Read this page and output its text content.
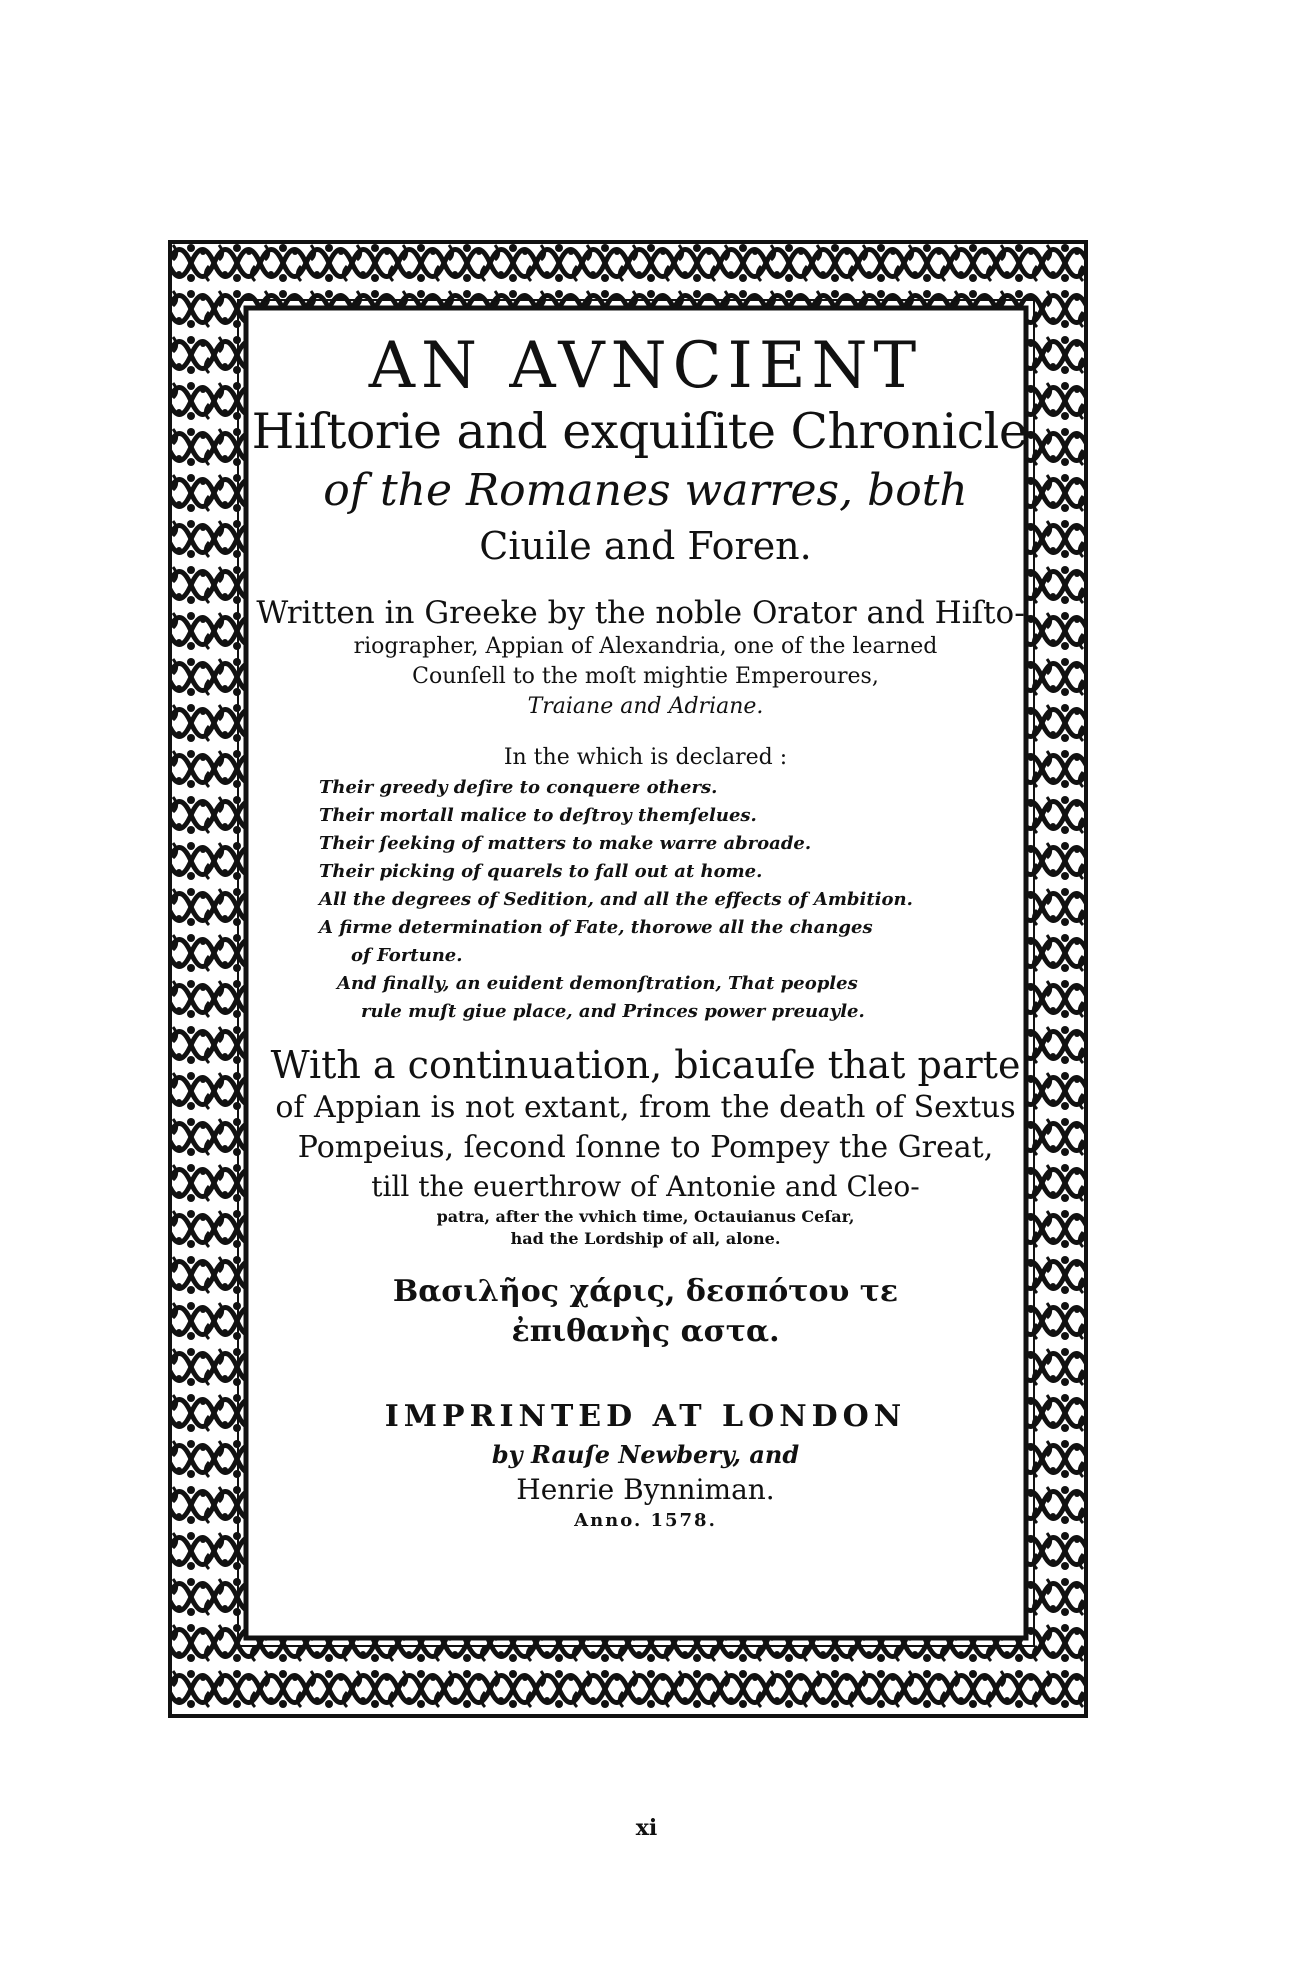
AN AVNCIENT
Hiſtorie and exquiſite Chronicle
of the Romanes warres, both
Ciuile and Foren.
Written in Greeke by the noble Orator and Hiſto-
riographer, Appian of Alexandria, one of the learned
Counſell to the moſt mightie Emperoures,
Traiane and Adriane.
In the which is declared :
Their greedy deſire to conquere others.
Their mortall malice to deſtroy themſelues.
Their ſeeking of matters to make warre abroade.
Their picking of quarels to fall out at home.
All the degrees of Sedition, and all the effects of Ambition.
A firme determination of Fate, thorowe all the changes
of Fortune.
And finally, an euident demonſtration, That peoples
rule muſt giue place, and Princes power preuayle.
With a continuation, bicauſe that parte
of Appian is not extant, from the death of Sextus
Pompeius, ſecond ſonne to Pompey the Great,
till the euerthrow of Antonie and Cleo-
patra, after the vvhich time, Octauianus Ceſar,
had the Lordship of all, alone.
Βασιλῆος χάρις, δεσπότου τε
ἐπιθανὴς αστα.
IMPRINTED AT LONDON
by Rauſe Newbery, and
Henrie Bynniman.
Anno. 1578.
xi
